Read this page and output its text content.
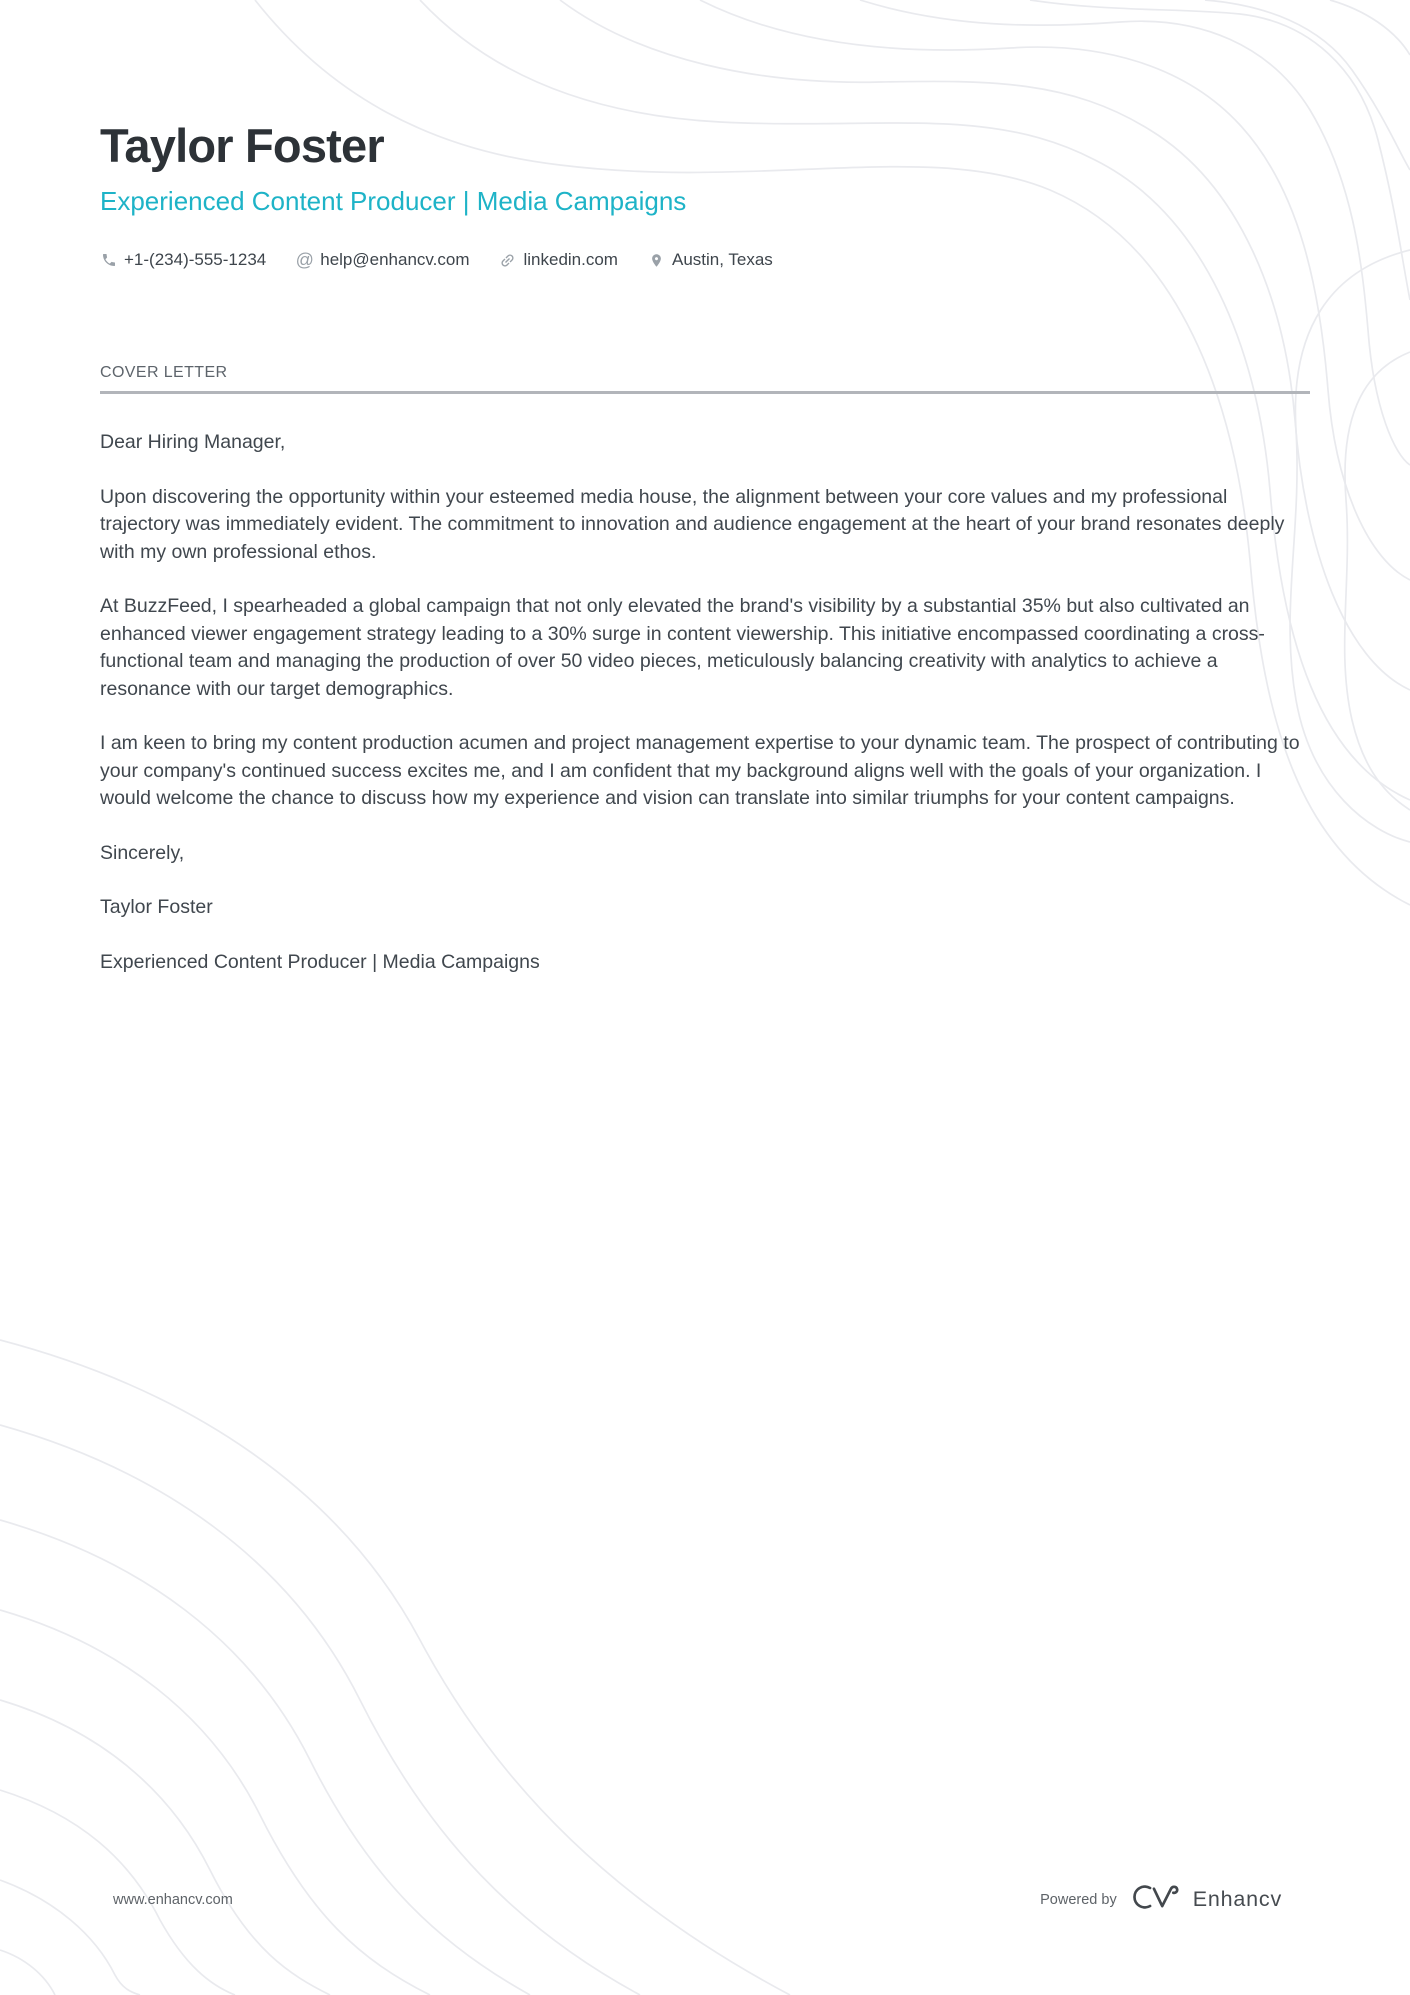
Taylor Foster
Experienced Content Producer | Media Campaigns
+1-(234)-555-1234 @ help@enhancv.com	linkedin.com	Austin, Texas
COVER LETTER

Dear Hiring Manager,

Upon discovering the opportunity within your esteemed media house, the alignment between your core values and my professional trajectory was immediately evident. The commitment to innovation and audience engagement at the heart of your brand resonates deeply with my own professional ethos.

At BuzzFeed, I spearheaded a global campaign that not only elevated the brand's visibility by a substantial 35% but also cultivated an enhanced viewer engagement strategy leading to a 30% surge in content viewership. This initiative encompassed coordinating a cross-functional team and managing the production of over 50 video pieces, meticulously balancing creativity with analytics to achieve a resonance with our target demographics.

I am keen to bring my content production acumen and project management expertise to your dynamic team. The prospect of contributing to your company's continued success excites me, and I am confident that my background aligns well with the goals of your organization. I would welcome the chance to discuss how my experience and vision can translate into similar triumphs for your content campaigns.

Sincerely,

Taylor Foster

Experienced Content Producer | Media Campaigns

www.enhancv.com	Powered by	Enhancv
